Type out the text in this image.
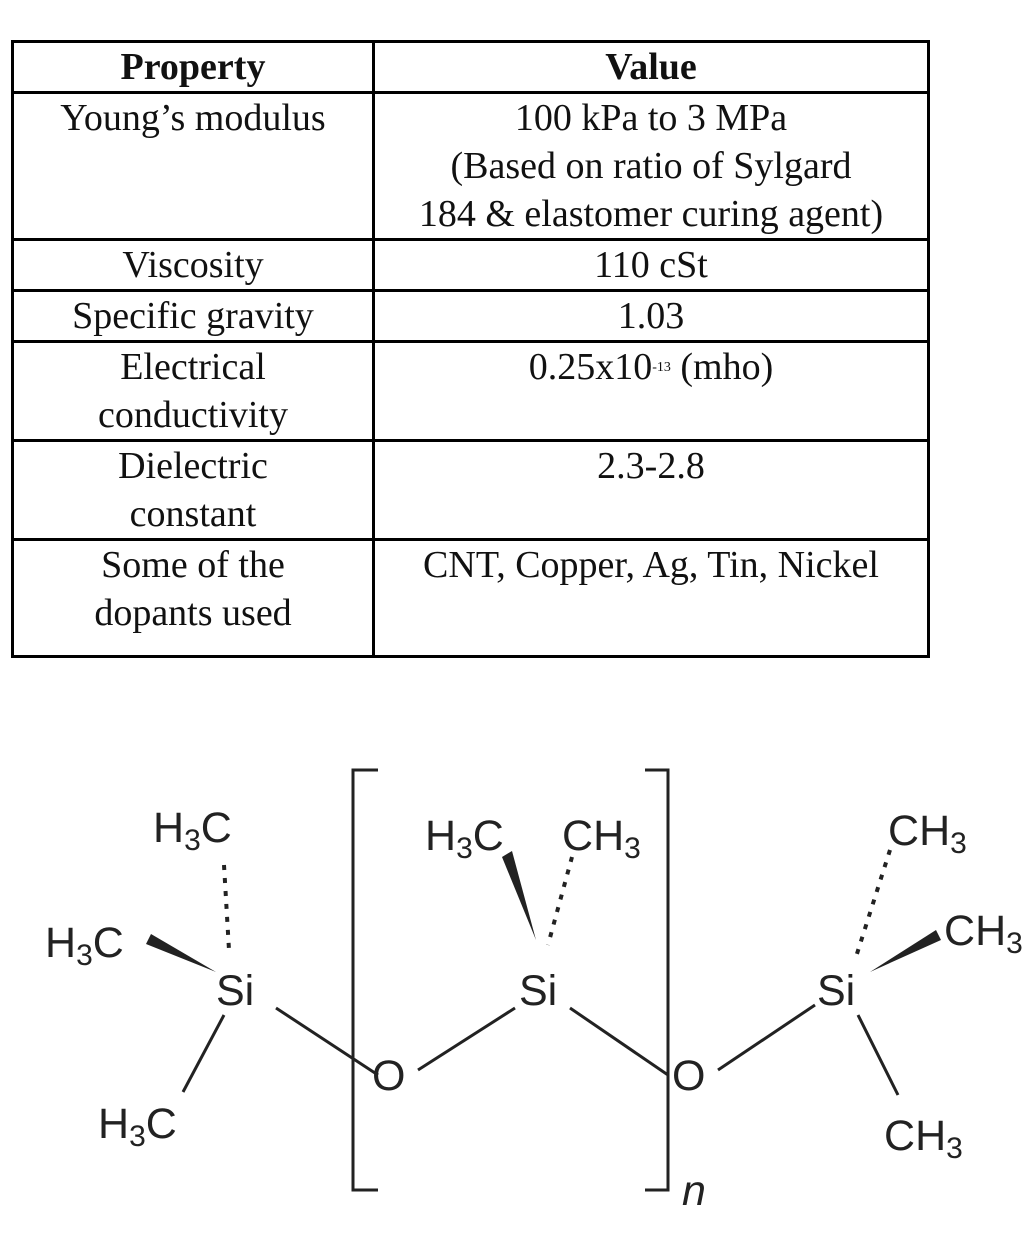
Property	Value

Young’s modulus	100 kPa to 3 MPa
(Based on ratio of Sylgard
184 & elastomer curing agent)

Viscosity	110 cSt

Specific gravity	1.03

Electrical
conductivity	$0.25x10^{-13}$ (mho)

Dielectric
constant	2.3-2.8

Some of the
dopants used	CNT, Copper, Ag, Tin, Nickel
H3C
H3C
H3C
Si
O
H3C CH3
Si
O
CH3
CH3
CH3
Si
n
